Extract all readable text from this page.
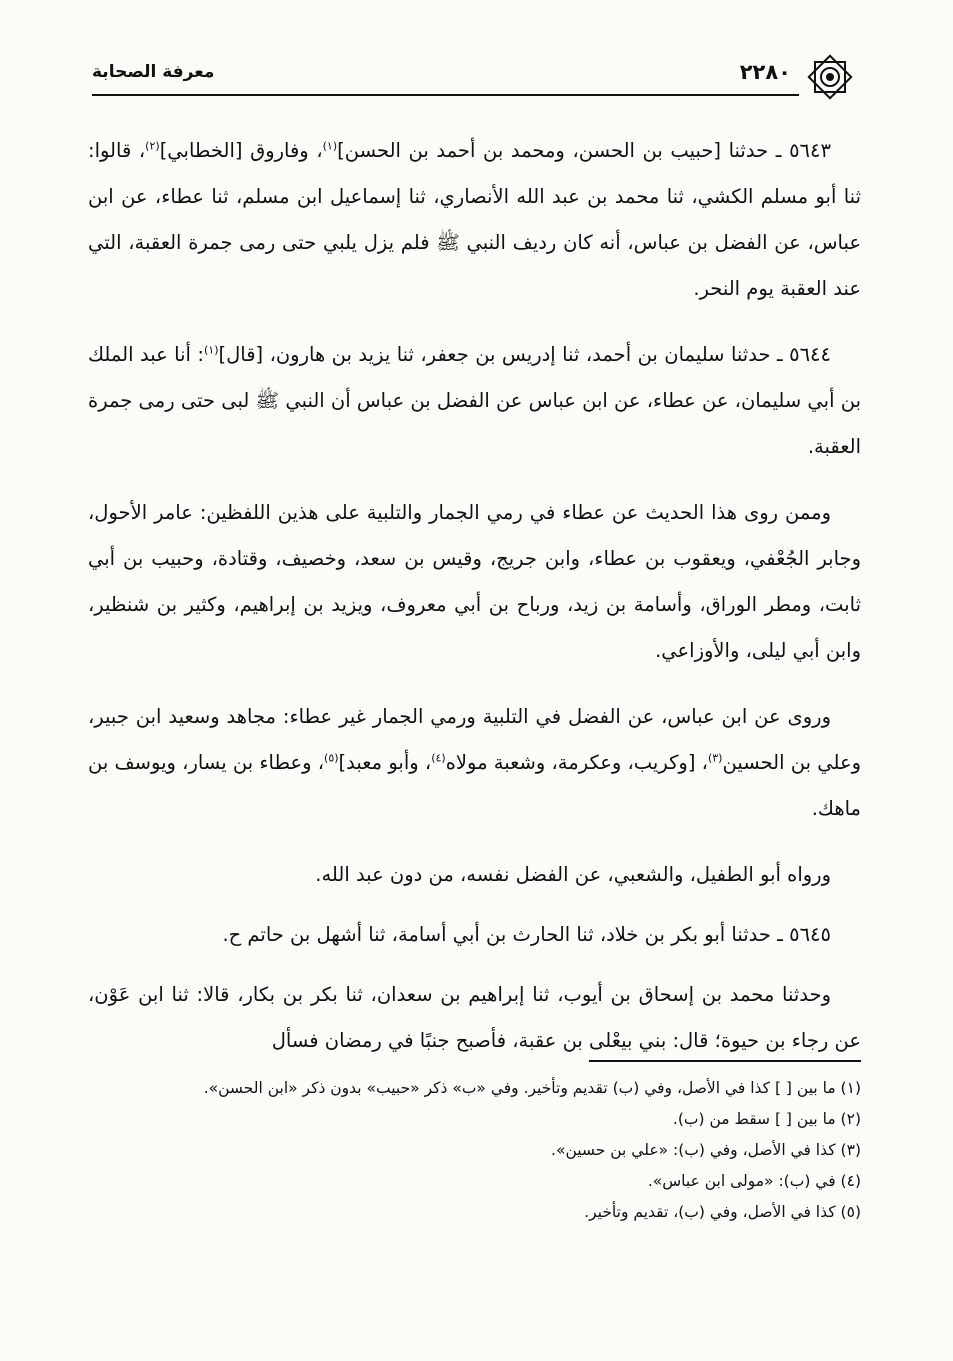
معرفة الصحابة	٢٢٨٠

٥٦٤٣ ـ حدثنا [حبيب بن الحسن، ومحمد بن أحمد بن الحسن]$^{(١)}$، وفاروق [الخطابي]$^{(٢)}$، قالوا: ثنا أبو مسلم الكشي، ثنا محمد بن عبد الله الأنصاري، ثنا إسماعيل ابن مسلم، ثنا عطاء، عن ابن عباس، عن الفضل بن عباس، أنه كان رديف النبي ﷺ فلم يزل يلبي حتى رمى جمرة العقبة، التي عند العقبة يوم النحر.

٥٦٤٤ ـ حدثنا سليمان بن أحمد، ثنا إدريس بن جعفر، ثنا يزيد بن هارون، [قال]$^{(١)}$: أنا عبد الملك بن أبي سليمان، عن عطاء، عن ابن عباس عن الفضل بن عباس أن النبي ﷺ لبى حتى رمى جمرة العقبة.

وممن روى هذا الحديث عن عطاء في رمي الجمار والتلبية على هذين اللفظين: عامر الأحول، وجابر الجُعْفي، ويعقوب بن عطاء، وابن جريج، وقيس بن سعد، وخصيف، وقتادة، وحبيب بن أبي ثابت، ومطر الوراق، وأسامة بن زيد، ورباح بن أبي معروف، ويزيد بن إبراهيم، وكثير بن شنظير، وابن أبي ليلى، والأوزاعي.

وروى عن ابن عباس، عن الفضل في التلبية ورمي الجمار غير عطاء: مجاهد وسعيد ابن جبير، وعلي بن الحسين$^{(٣)}$، [وكريب، وعكرمة، وشعبة مولاه$^{(٤)}$، وأبو معبد]$^{(٥)}$، وعطاء بن يسار، ويوسف بن ماهك.

ورواه أبو الطفيل، والشعبي، عن الفضل نفسه، من دون عبد الله.

٥٦٤٥ ـ حدثنا أبو بكر بن خلاد، ثنا الحارث بن أبي أسامة، ثنا أشهل بن حاتم ح.

وحدثنا محمد بن إسحاق بن أيوب، ثنا إبراهيم بن سعدان، ثنا بكر بن بكار، قالا: ثنا ابن عَوْن، عن رجاء بن حيوة؛ قال: بني بيعْلى بن عقبة، فأصبح جنبًا في رمضان فسأل

(١) ما بين [ ] كذا في الأصل، وفي (ب) تقديم وتأخير. وفي «ب» ذكر «حبيب» بدون ذكر «ابن الحسن».

(٢) ما بين [ ] سقط من (ب).

(٣) كذا في الأصل، وفي (ب): «علي بن حسين».

(٤) في (ب): «مولى ابن عباس».

(٥) كذا في الأصل، وفي (ب)، تقديم وتأخير.
